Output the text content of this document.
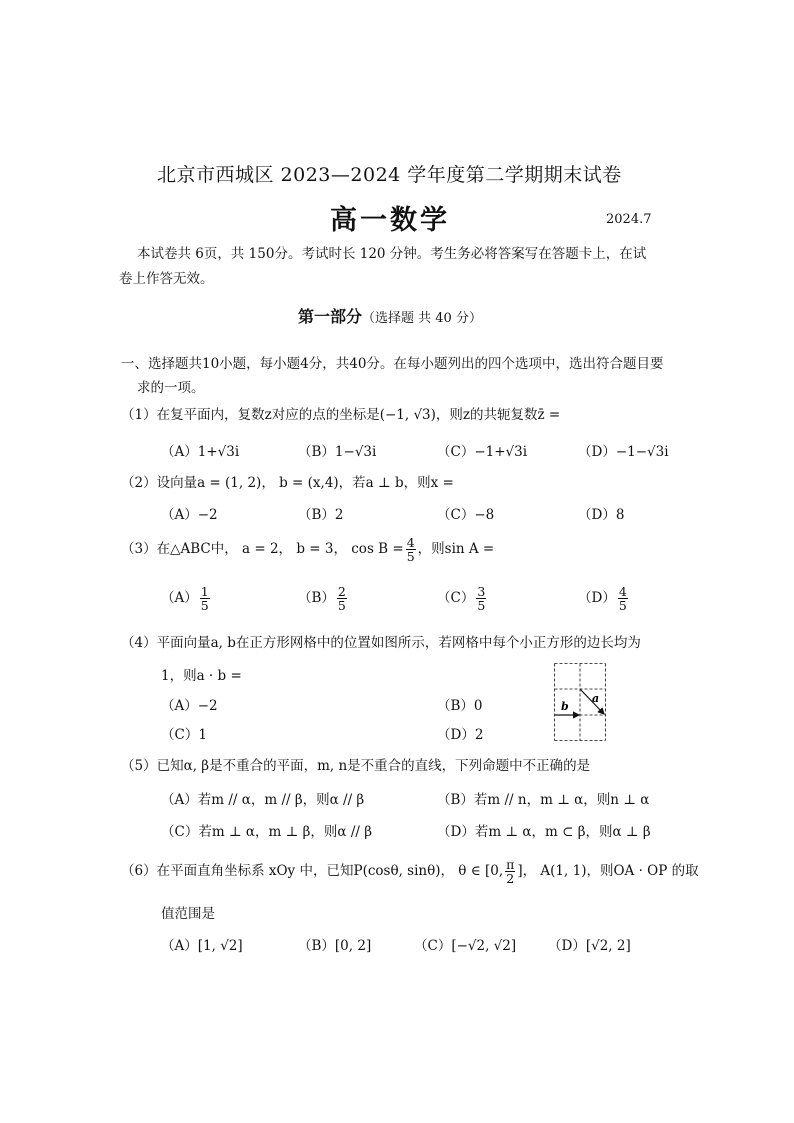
北京市西城区 2023—2024 学年度第二学期期末试卷
高一数学	2024.7
本试卷共 6页，共 150分。考试时长 120 分钟。考生务必将答案写在答题卡上，在试
卷上作答无效。
第一部分（选择题 共 40 分）
一、选择题共10小题，每小题4分，共40分。在每小题列出的四个选项中，选出符合题目要
求的一项。
（1）在复平面内，复数z对应的点的坐标是(−1, √3)，则z的共轭复数z̄ =
（A）1+√3i	（B）1−√3i	（C）−1+√3i	（D）−1−√3i
（2）设向量a = (1, 2)， b = (x,4)，若a ⊥ b，则x =
（A）−2	（B）2	（C）−8	（D）8
（3）在△ABC中， a = 2， b = 3， $\cos B = \frac{4}{5}$ ，则sin A =
$(A) \frac{1}{5}$	$(B) \frac{2}{5}$	$(C) \frac{3}{5}$	$(D) \frac{4}{5}$
（4）平面向量a, b在正方形网格中的位置如图所示，若网格中每个小正方形的边长均为
1，则a · b =
（A）−2	（B）0
（C）1	（D）2
b
a
（5）已知α, β是不重合的平面，m, n是不重合的直线，下列命题中不正确的是
（A）若m // α，m // β，则α // β	（B）若m // n，m ⊥ α，则n ⊥ α
（C）若m ⊥ α，m ⊥ β，则α // β	（D）若m ⊥ α，m ⊂ β，则α ⊥ β
（6）在平面直角坐标系 xOy 中，已知P(cosθ, sinθ)， θ ∈ [0, $\frac{\pi}{2}$ ]， A(1, 1)，则OA · OP 的取
值范围是
（A）[1, √2]	（B）[0, 2]	（C）[−√2, √2] （D）[√2, 2]
